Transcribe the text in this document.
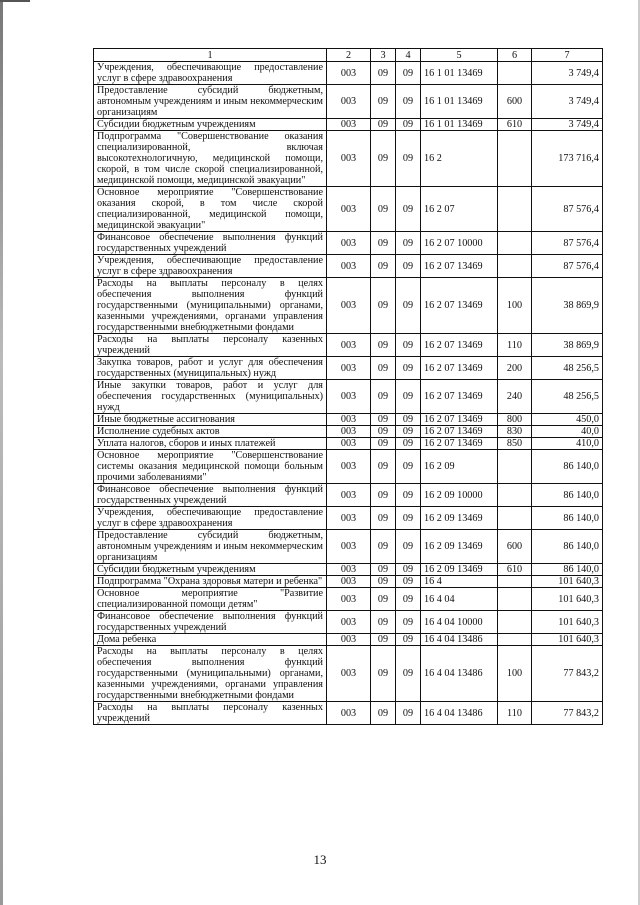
1	2	3	4	5	6	7
Учреждения, обеспечивающие предоставление услуг в сфере здравоохранения	003	09	09	16 1 01 13469		3 749,4
Предоставление субсидий бюджетным, автономным учреждениям и иным некоммерческим организациям	003	09	09	16 1 01 13469	600	3 749,4
Субсидии бюджетным учреждениям	003	09	09	16 1 01 13469	610	3 749,4
Подпрограмма "Совершенствование оказания специализированной, включая высокотехнологичную, медицинской помощи, скорой, в том числе скорой специализированной, медицинской помощи, медицинской эвакуации"	003	09	09	16 2		173 716,4
Основное мероприятие "Совершенствование оказания скорой, в том числе скорой специализированной, медицинской помощи, медицинской эвакуации"	003	09	09	16 2 07		87 576,4
Финансовое обеспечение выполнения функций государственных учреждений	003	09	09	16 2 07 10000		87 576,4
Учреждения, обеспечивающие предоставление услуг в сфере здравоохранения	003	09	09	16 2 07 13469		87 576,4
Расходы на выплаты персоналу в целях обеспечения выполнения функций государственными (муниципальными) органами, казенными учреждениями, органами управления государственными внебюджетными фондами	003	09	09	16 2 07 13469	100	38 869,9
Расходы на выплаты персоналу казенных учреждений	003	09	09	16 2 07 13469	110	38 869,9
Закупка товаров, работ и услуг для обеспечения государственных (муниципальных) нужд	003	09	09	16 2 07 13469	200	48 256,5
Иные закупки товаров, работ и услуг для обеспечения государственных (муниципальных) нужд	003	09	09	16 2 07 13469	240	48 256,5
Иные бюджетные ассигнования	003	09	09	16 2 07 13469	800	450,0
Исполнение судебных актов	003	09	09	16 2 07 13469	830	40,0
Уплата налогов, сборов и иных платежей	003	09	09	16 2 07 13469	850	410,0
Основное мероприятие "Совершенствование системы оказания медицинской помощи больным прочими заболеваниями"	003	09	09	16 2 09		86 140,0
Финансовое обеспечение выполнения функций государственных учреждений	003	09	09	16 2 09 10000		86 140,0
Учреждения, обеспечивающие предоставление услуг в сфере здравоохранения	003	09	09	16 2 09 13469		86 140,0
Предоставление субсидий бюджетным, автономным учреждениям и иным некоммерческим организациям	003	09	09	16 2 09 13469	600	86 140,0
Субсидии бюджетным учреждениям	003	09	09	16 2 09 13469	610	86 140,0
Подпрограмма "Охрана здоровья матери и ребенка"	003	09	09	16 4		101 640,3
Основное мероприятие "Развитие специализированной помощи детям"	003	09	09	16 4 04		101 640,3
Финансовое обеспечение выполнения функций государственных учреждений	003	09	09	16 4 04 10000		101 640,3
Дома ребенка	003	09	09	16 4 04 13486		101 640,3
Расходы на выплаты персоналу в целях обеспечения выполнения функций государственными (муниципальными) органами, казенными учреждениями, органами управления государственными внебюджетными фондами	003	09	09	16 4 04 13486	100	77 843,2
Расходы на выплаты персоналу казенных учреждений	003	09	09	16 4 04 13486	110	77 843,2
13
